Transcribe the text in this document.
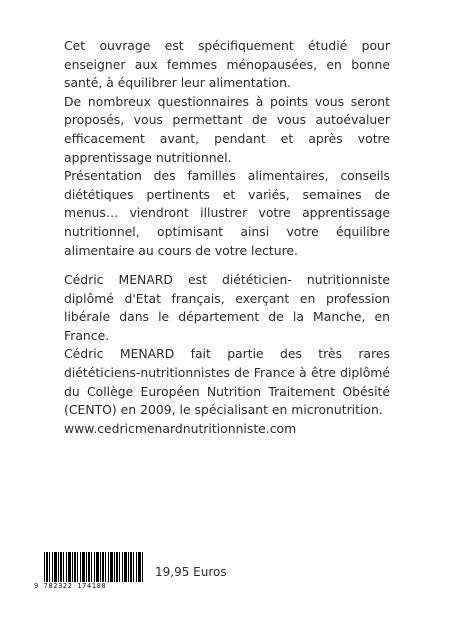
Cet ouvrage est spécifiquement étudié pour enseigner aux femmes ménopausées, en bonne santé, à équilibrer leur alimentation.

De nombreux questionnaires à points vous seront proposés, vous permettant de vous autoévaluer efficacement avant, pendant et après votre apprentissage nutritionnel.

Présentation des familles alimentaires, conseils diététiques pertinents et variés, semaines de menus… viendront illustrer votre apprentissage nutritionnel, optimisant ainsi votre équilibre alimentaire au cours de votre lecture.

Cédric MENARD est diététicien- nutritionniste diplômé d'Etat français, exerçant en profession libérale dans le département de la Manche, en France.

Cédric MENARD fait partie des très rares diététiciens-nutritionnistes de France à être diplômé du Collège Européen Nutrition Traitement Obésité (CENTO) en 2009, le spécialisant en micronutrition.

www.cedricmenardnutritionniste.com

9 782322 174188
19,95 Euros
